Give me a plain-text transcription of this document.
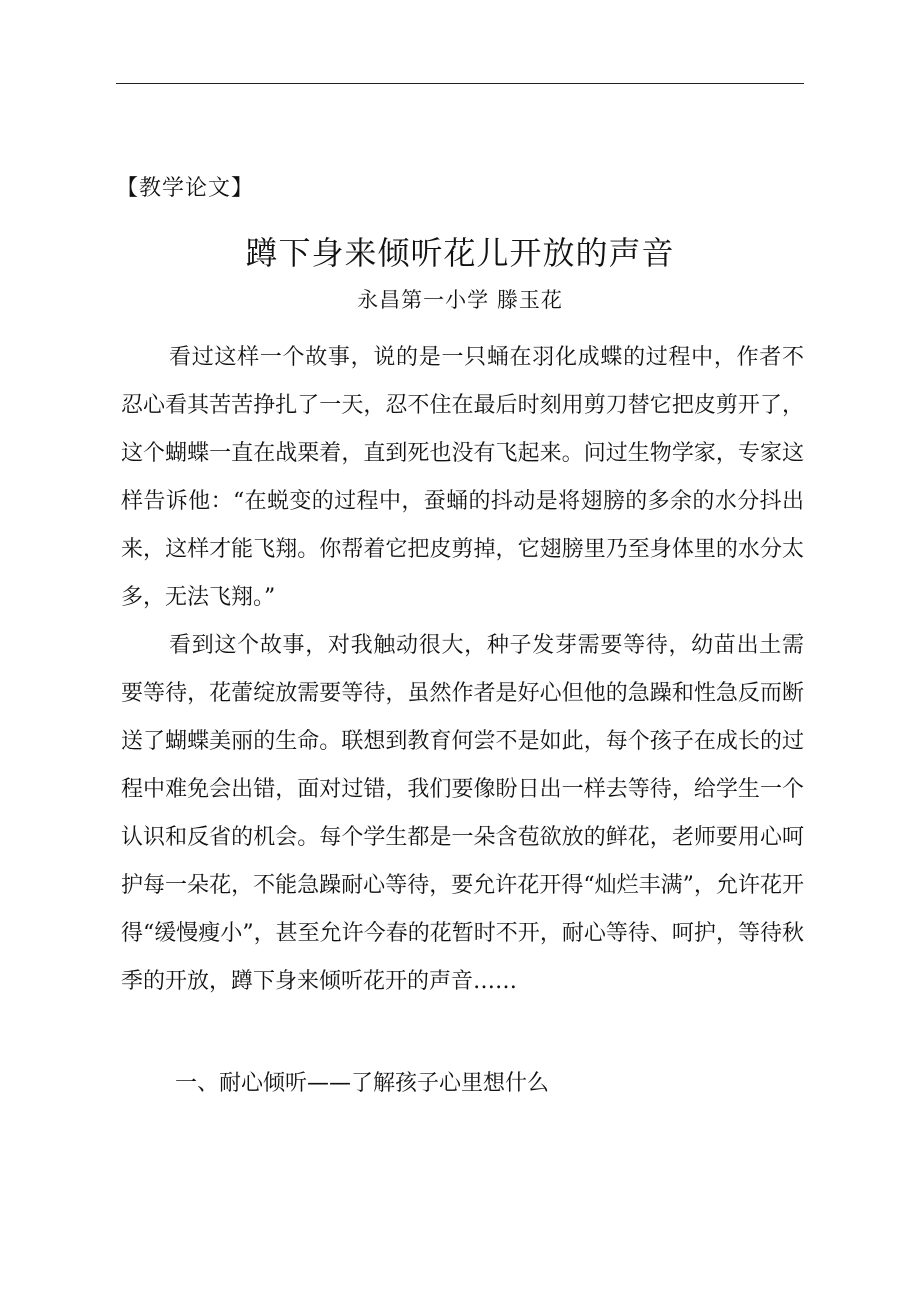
【教学论文】
蹲下身来倾听花儿开放的声音
永昌第一小学 滕玉花

看过这样一个故事，说的是一只蛹在羽化成蝶的过程中，作者不忍心看其苦苦挣扎了一天，忍不住在最后时刻用剪刀替它把皮剪开了，这个蝴蝶一直在战栗着，直到死也没有飞起来。问过生物学家，专家这样告诉他：“在蜕变的过程中，蚕蛹的抖动是将翅膀的多余的水分抖出来，这样才能飞翔。你帮着它把皮剪掉，它翅膀里乃至身体里的水分太多，无法飞翔。”

看到这个故事，对我触动很大，种子发芽需要等待，幼苗出土需要等待，花蕾绽放需要等待，虽然作者是好心但他的急躁和性急反而断送了蝴蝶美丽的生命。联想到教育何尝不是如此，每个孩子在成长的过程中难免会出错，面对过错，我们要像盼日出一样去等待，给学生一个认识和反省的机会。每个学生都是一朵含苞欲放的鲜花，老师要用心呵护每一朵花，不能急躁耐心等待，要允许花开得“灿烂丰满”，允许花开得“缓慢瘦小”，甚至允许今春的花暂时不开，耐心等待、呵护，等待秋季的开放，蹲下身来倾听花开的声音……

一、耐心倾听——了解孩子心里想什么
